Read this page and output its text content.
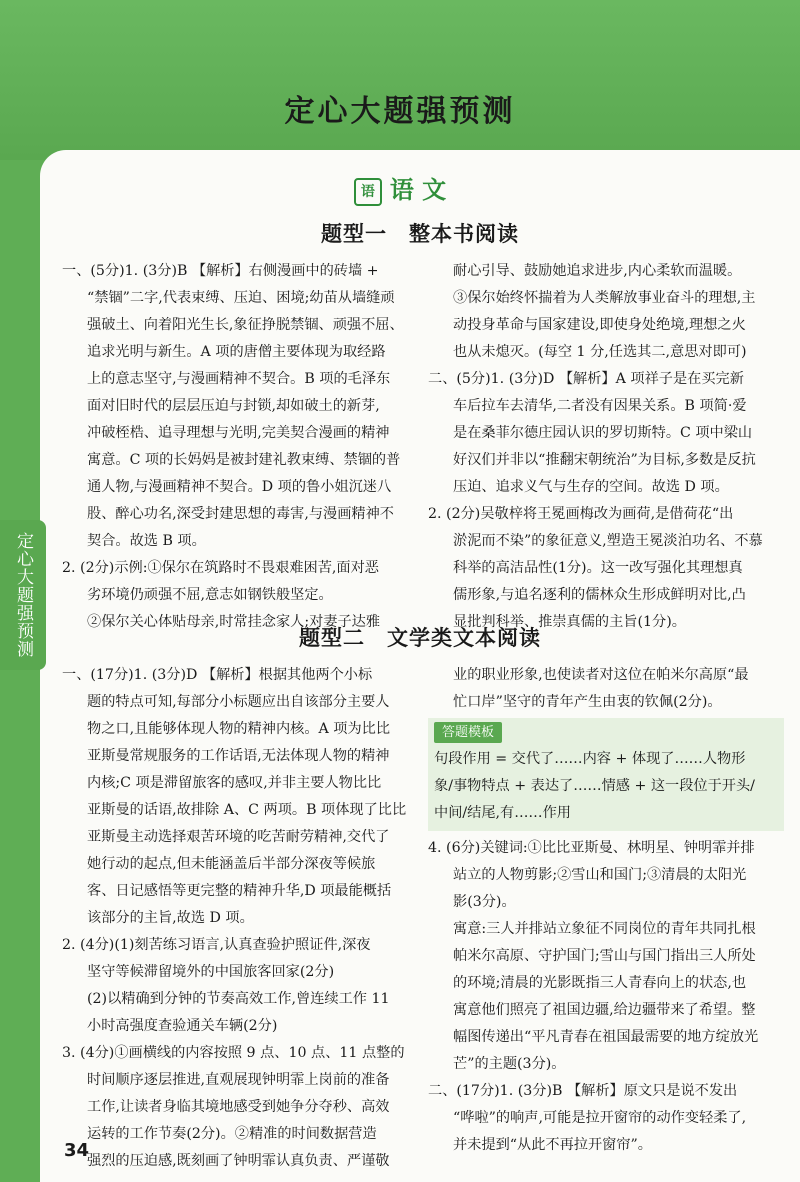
定心大题强预测
定心大题强预测
语 语 文
题型一　整本书阅读
一、(5分)1. (3分)B 【解析】右侧漫画中的砖墙 +
“禁锢”二字,代表束缚、压迫、困境;幼苗从墙缝顽
强破土、向着阳光生长,象征挣脱禁锢、顽强不屈、
追求光明与新生。A 项的唐僧主要体现为取经路
上的意志坚守,与漫画精神不契合。B 项的毛泽东
面对旧时代的层层压迫与封锁,却如破土的新芽,
冲破桎梏、追寻理想与光明,完美契合漫画的精神
寓意。C 项的长妈妈是被封建礼教束缚、禁锢的普
通人物,与漫画精神不契合。D 项的鲁小姐沉迷八
股、醉心功名,深受封建思想的毒害,与漫画精神不
契合。故选 B 项。
2. (2分)示例:①保尔在筑路时不畏艰难困苦,面对恶
劣环境仍顽强不屈,意志如钢铁般坚定。
②保尔关心体贴母亲,时常挂念家人;对妻子达雅
耐心引导、鼓励她追求进步,内心柔软而温暖。
③保尔始终怀揣着为人类解放事业奋斗的理想,主
动投身革命与国家建设,即使身处绝境,理想之火
也从未熄灭。(每空 1 分,任选其二,意思对即可)
二、(5分)1. (3分)D 【解析】A 项祥子是在买完新
车后拉车去清华,二者没有因果关系。B 项简·爱
是在桑菲尔德庄园认识的罗切斯特。C 项中梁山
好汉们并非以“推翻宋朝统治”为目标,多数是反抗
压迫、追求义气与生存的空间。故选 D 项。
2. (2分)吴敬梓将王冕画梅改为画荷,是借荷花“出
淤泥而不染”的象征意义,塑造王冕淡泊功名、不慕
科举的高洁品性(1分)。这一改写强化其理想真
儒形象,与追名逐利的儒林众生形成鲜明对比,凸
显批判科举、推崇真儒的主旨(1分)。
题型二　文学类文本阅读
一、(17分)1. (3分)D 【解析】根据其他两个小标
题的特点可知,每部分小标题应出自该部分主要人
物之口,且能够体现人物的精神内核。A 项为比比
亚斯曼常规服务的工作话语,无法体现人物的精神
内核;C 项是滞留旅客的感叹,并非主要人物比比
亚斯曼的话语,故排除 A、C 两项。B 项体现了比比
亚斯曼主动选择艰苦环境的吃苦耐劳精神,交代了
她行动的起点,但未能涵盖后半部分深夜等候旅
客、日记感悟等更完整的精神升华,D 项最能概括
该部分的主旨,故选 D 项。
2. (4分)(1)刻苦练习语言,认真查验护照证件,深夜
坚守等候滞留境外的中国旅客回家(2分)
(2)以精确到分钟的节奏高效工作,曾连续工作 11
小时高强度查验通关车辆(2分)
3. (4分)①画横线的内容按照 9 点、10 点、11 点整的
时间顺序逐层推进,直观展现钟明霏上岗前的准备
工作,让读者身临其境地感受到她争分夺秒、高效
运转的工作节奏(2分)。②精准的时间数据营造
强烈的压迫感,既刻画了钟明霏认真负责、严谨敬
业的职业形象,也使读者对这位在帕米尔高原“最
忙口岸”坚守的青年产生由衷的钦佩(2分)。
答题模板
句段作用 = 交代了……内容 + 体现了……人物形
象/事物特点 + 表达了……情感 + 这一段位于开头/
中间/结尾,有……作用
4. (6分)关键词:①比比亚斯曼、林明星、钟明霏并排
站立的人物剪影;②雪山和国门;③清晨的太阳光
影(3分)。
寓意:三人并排站立象征不同岗位的青年共同扎根
帕米尔高原、守护国门;雪山与国门指出三人所处
的环境;清晨的光影既指三人青春向上的状态,也
寓意他们照亮了祖国边疆,给边疆带来了希望。整
幅图传递出“平凡青春在祖国最需要的地方绽放光
芒”的主题(3分)。
二、(17分)1. (3分)B 【解析】原文只是说不发出
“哗啦”的响声,可能是拉开窗帘的动作变轻柔了,
并未提到“从此不再拉开窗帘”。
34
